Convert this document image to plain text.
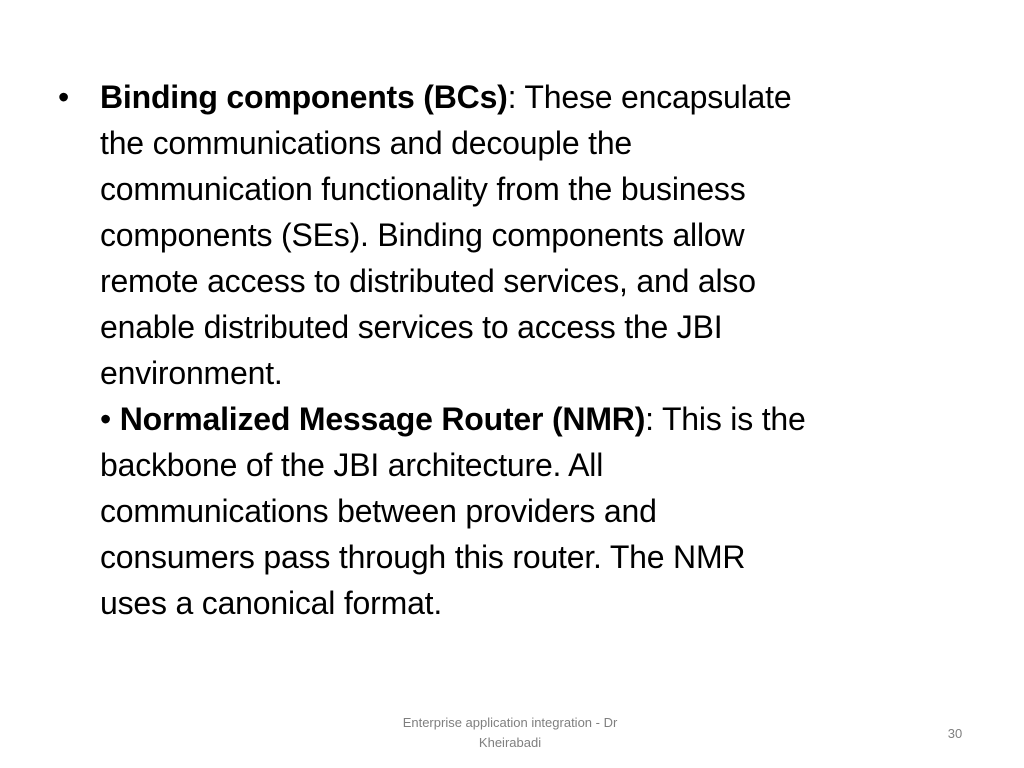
• Binding components (BCs): These encapsulate
the communications and decouple the
communication functionality from the business
components (SEs). Binding components allow
remote access to distributed services, and also
enable distributed services to access the JBI
environment.
• Normalized Message Router (NMR): This is the
backbone of the JBI architecture. All
communications between providers and
consumers pass through this router. The NMR
uses a canonical format.
Enterprise application integration - Dr
Kheirabadi
30
